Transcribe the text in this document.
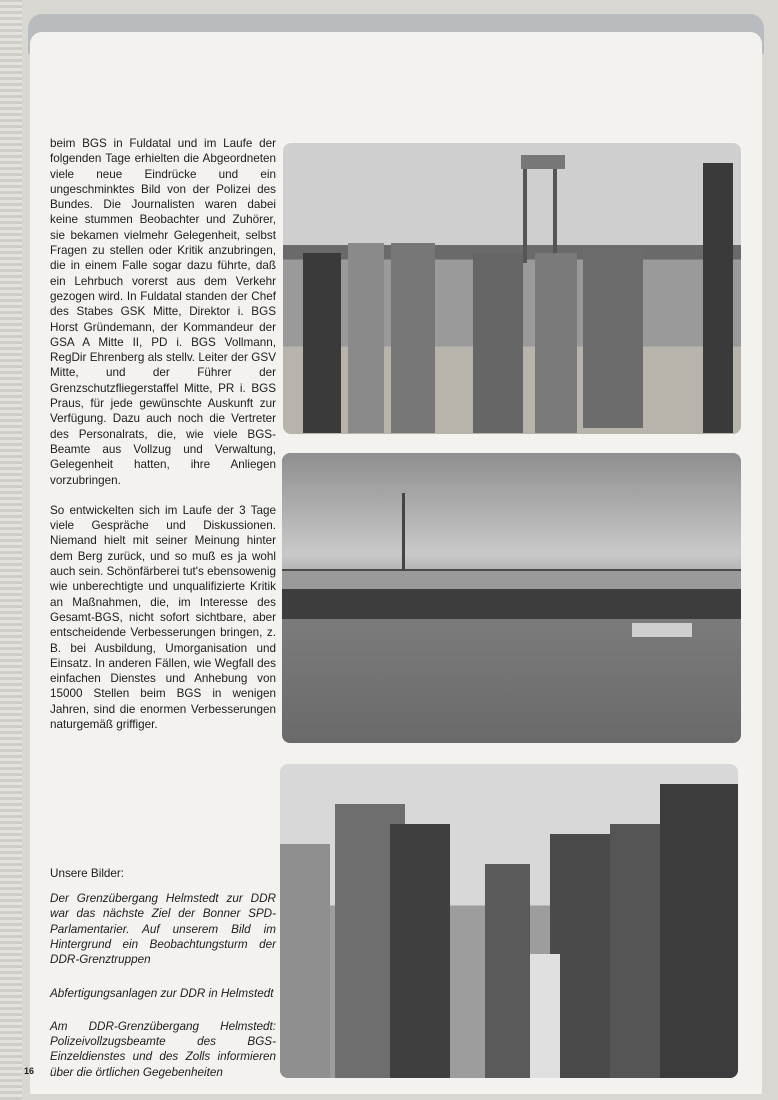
beim BGS in Fuldatal und im Laufe der folgenden Tage erhielten die Abgeordneten viele neue Eindrücke und ein ungeschminktes Bild von der Polizei des Bundes. Die Journalisten waren dabei keine stummen Beobachter und Zuhörer, sie bekamen vielmehr Gelegenheit, selbst Fragen zu stellen oder Kritik anzubringen, die in einem Falle sogar dazu führte, daß ein Lehrbuch vorerst aus dem Verkehr gezogen wird. In Fuldatal standen der Chef des Stabes GSK Mitte, Direktor i. BGS Horst Gründemann, der Kommandeur der GSA A Mitte II, PD i. BGS Vollmann, RegDir Ehrenberg als stellv. Leiter der GSV Mitte, und der Führer der Grenzschutzfliegerstaffel Mitte, PR i. BGS Praus, für jede gewünschte Auskunft zur Verfügung. Dazu auch noch die Vertreter des Personalrats, die, wie viele BGS-Beamte aus Vollzug und Verwaltung, Gelegenheit hatten, ihre Anliegen vorzubringen.
So entwickelten sich im Laufe der 3 Tage viele Gespräche und Diskussionen. Niemand hielt mit seiner Meinung hinter dem Berg zurück, und so muß es ja wohl auch sein. Schönfärberei tut's ebensowenig wie unberechtigte und unqualifizierte Kritik an Maßnahmen, die, im Interesse des Gesamt-BGS, nicht sofort sichtbare, aber entscheidende Verbesserungen bringen, z. B. bei Ausbildung, Umorganisation und Einsatz. In anderen Fällen, wie Wegfall des einfachen Dienstes und Anhebung von 15000 Stellen beim BGS in wenigen Jahren, sind die enormen Verbesserungen naturgemäß griffiger.
Unsere Bilder:
Der Grenzübergang Helmstedt zur DDR war das nächste Ziel der Bonner SPD-Parlamentarier. Auf unserem Bild im Hintergrund ein Beobachtungsturm der DDR-Grenztruppen
Abfertigungsanlagen zur DDR in Helmstedt
Am DDR-Grenzübergang Helmstedt: Polizeivollzugsbeamte des BGS-Einzeldienstes und des Zolls informieren über die örtlichen Gegebenheiten
16
